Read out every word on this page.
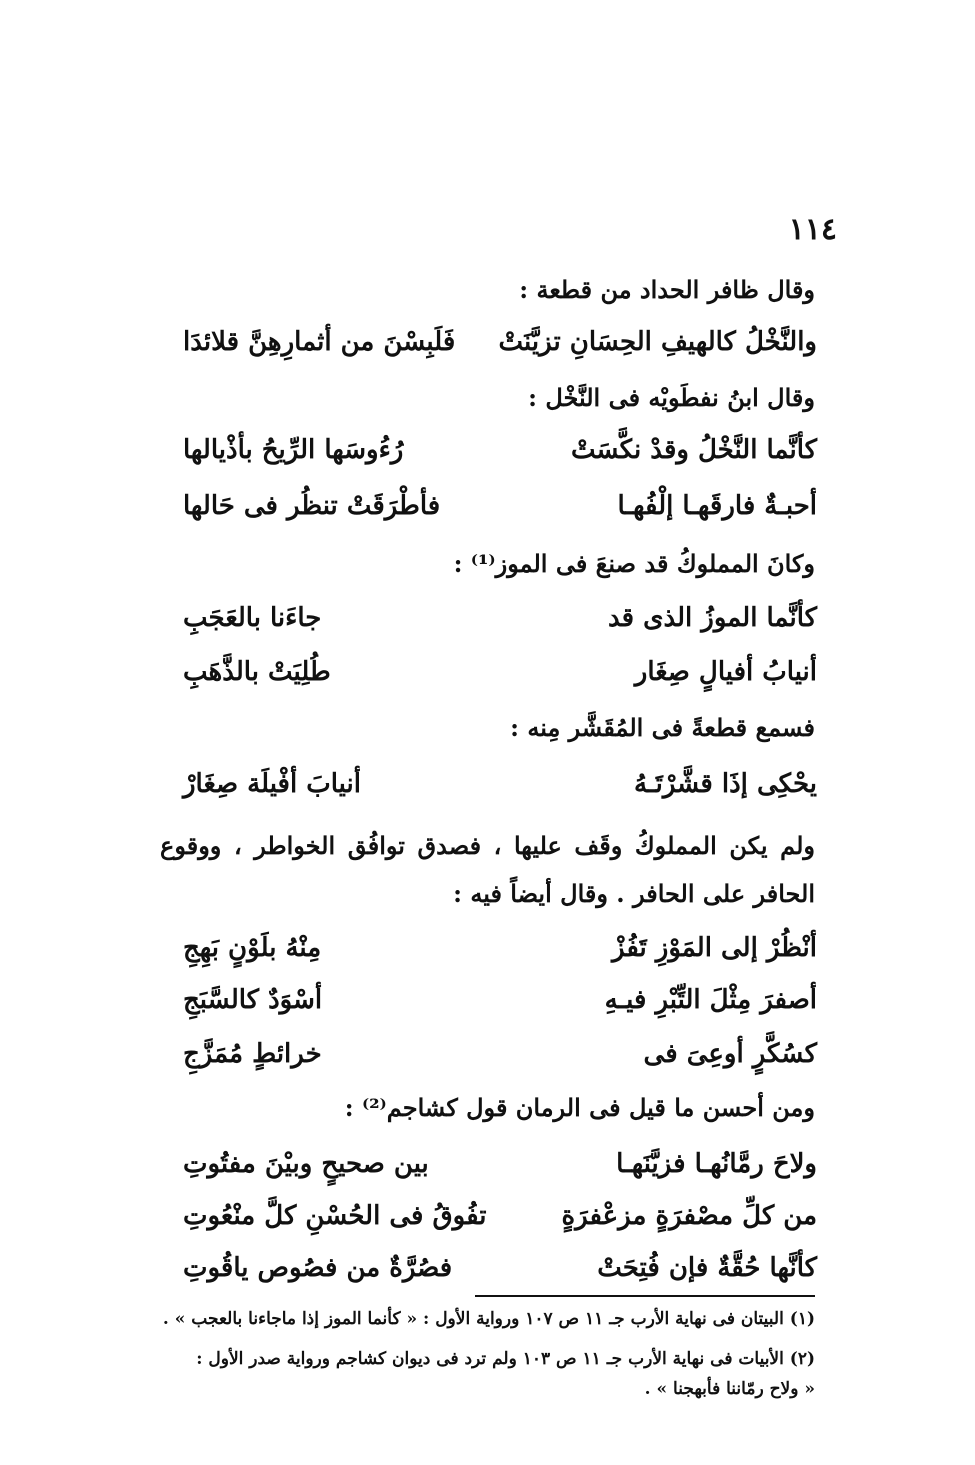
١١٤
وقال ظافر الحداد من قطعة :
والنَّخْلُ كالهيفِ الحِسَانِ تزيَّنَتْ
فَلَبِسْنَ من أثمارِهِنَّ قلائدَا
وقال ابنُ نفطَويْه فى النَّخْل :
كأنَّما النَّخْلُ وقدْ نكَّسَتْ
رُءُوسَها الرِّيحُ بأذْيالها
أحبـةٌ فارقَهـا إلْفُهـا
فأطْرَقَتْ تنظُر فى حَالها
وكانَ المملوكُ قد صنعَ فى الموز⁽¹⁾ :
كأنَّما الموزُ الذى قد
جاءَنا بالعَجَبِ
أنيابُ أفيالٍ صِغَار
طُلِيَتْ بالذَّهَبِ
فسمع قطعةً فى المُقَشَّر مِنه :
يحْكِى إذَا قشَّرْتَـهُ
أنيابَ أفْيلَة صِغَارْ
ولم يكن المملوكُ وقَف عليها ، فصدق توافُق الخواطر ، ووقوع الحافر على الحافر . وقال أيضاً فيه :
أنْظُرْ إلى المَوْزِ تَفُزْ
مِنْهُ بلَوْنٍ بَهِجِ
أصفرَ مِثْلَ التِّبْرِ فيـهِ
أسْوَدٌ كالسَّبَجِ
كسُكَّرٍ أوعِىَ فى
خرائطٍ مُمَزَّجِ
ومن أحسن ما قيل فى الرمان قول كشاجم⁽²⁾ :
ولاحَ رمَّانُهـا فزيَّنَهـا
بين صحيحٍ وبيْنَ مفتُوتِ
من كلِّ مصْفرَةٍ مزعْفرَةٍ
تفُوقُ فى الحُسْنِ كلَّ منْعُوتِ
كأنَّها حُقَّةٌ فإن فُتِحَتْ
فصُرَّةٌ من فصُوص ياقُوتِ
(١) البيتان فى نهاية الأرب جـ ١١ ص ١٠٧ ورواية الأول : « كأنما الموز إذا ماجاءنا بالعجب » .
(٢) الأبيات فى نهاية الأرب جـ ١١ ص ١٠٣ ولم ترد فى ديوان كشاجم ورواية صدر الأول :
« ولاح رمّاننا فأبهجنا » .
